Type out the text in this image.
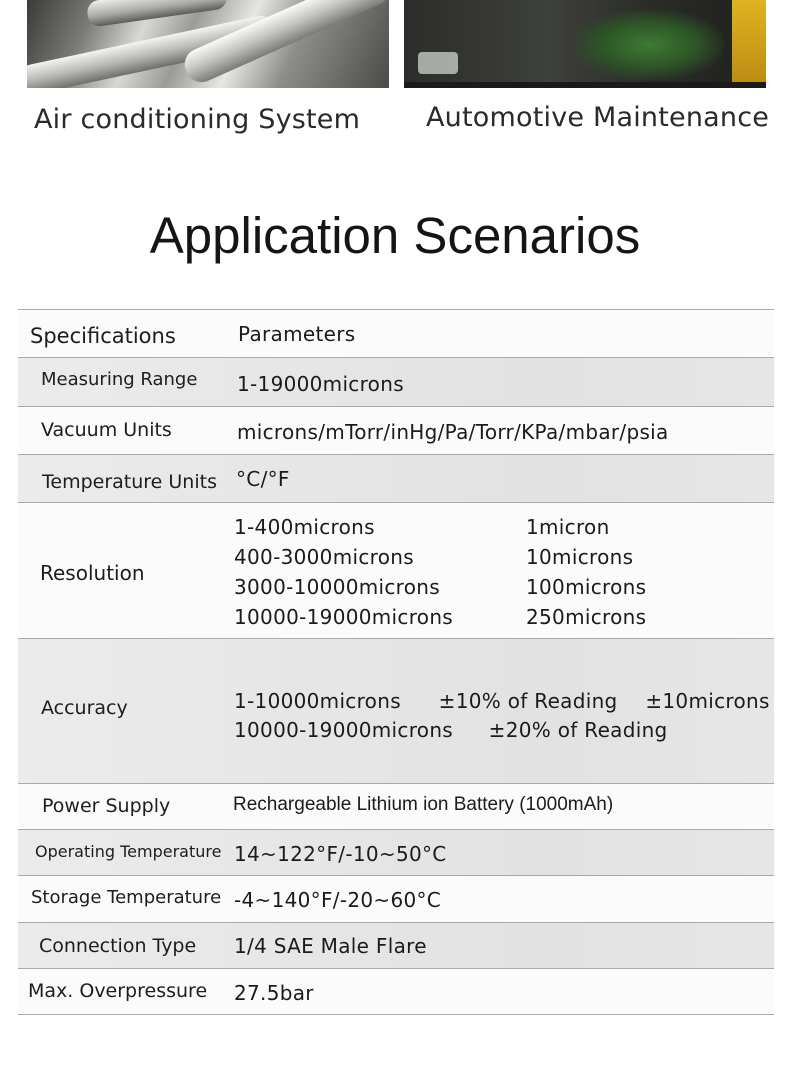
Air conditioning System Automotive Maintenance
Application Scenarios
Specifications	Parameters
Measuring Range	1-19000microns
Vacuum Units	microns/mTorr/inHg/Pa/Torr/KPa/mbar/psia
Temperature Units °C/°F
Resolution
1-400microns	1micron
400-3000microns	10microns
3000-10000microns	100microns
10000-19000microns	250microns
Accuracy	1-10000microns ±10% of Reading ±10microns
10000-19000microns ±20% of Reading
Power Supply	Rechargeable Lithium ion Battery (1000mAh)
Operating Temperature 14~122°F/-10~50°C
Storage Temperature -4~140°F/-20~60°C
Connection Type	1/4 SAE Male Flare
Max. Overpressure	27.5bar
